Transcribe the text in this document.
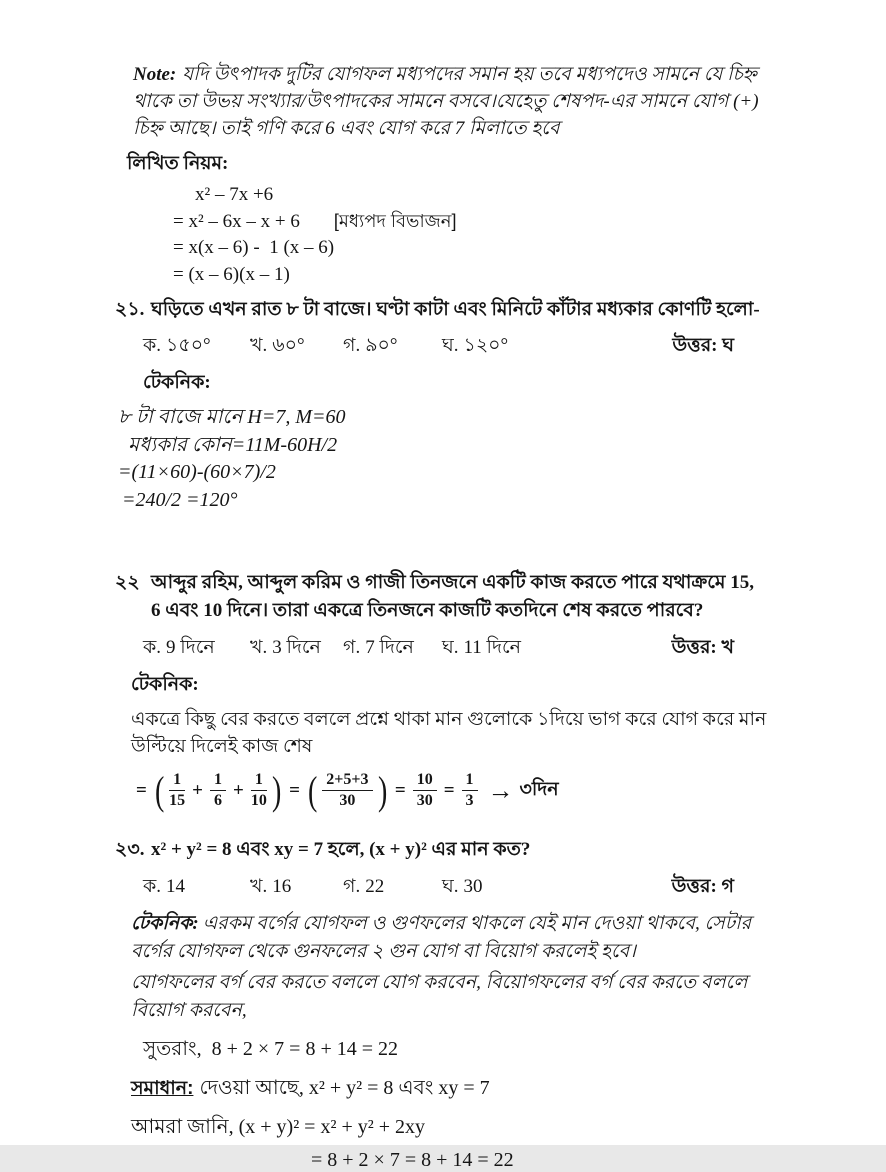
Note: যদি উৎপাদক দুটির যোগফল মধ্যপদের সমান হয় তবে মধ্যপদেও সামনে যে চিহ্ন থাকে তা উভয় সংখ্যার/উৎপাদকের সামনে বসবে।যেহেতু শেষপদ-এর সামনে যোগ (+) চিহ্ন আছে। তাই গণি করে 6 এবং যোগ করে 7 মিলাতে হবে

লিখিত নিয়ম:
x² – 7x +6
= x² – 6x – x + 6 [মধ্যপদ বিভাজন]
= x(x – 6) -  1 (x – 6)
= (x – 6)(x – 1)
২১. ঘড়িতে এখন রাত ৮ টা বাজে। ঘণ্টা কাটা এবং মিনিটে কাঁটার মধ্যকার কোণটি হলো-
ক. ১৫০°	খ. ৬০°	গ. ৯০°	ঘ. ১২০°	উত্তর: ঘ
টেকনিক:
৮ টা বাজে মানে H=7, M=60
মধ্যকার কোন=11M-60H/2
=(11×60)-(60×7)/2
=240/2 =120°
২২ আব্দুর রহিম, আব্দুল করিম ও গাজী তিনজনে একটি কাজ করতে পারে যথাক্রমে 15, 6 এবং 10 দিনে। তারা একত্রে তিনজনে কাজটি কতদিনে শেষ করতে পারবে?
ক. 9 দিনে	খ. 3 দিনে	গ. 7 দিনে	ঘ. 11 দিনে	উত্তর: খ
টেকনিক:
একত্রে কিছু বের করতে বললে প্রশ্নে থাকা মান গুলোকে ১দিয়ে ভাগ করে যোগ করে মান উল্টিয়ে দিলেই কাজ শেষ
= ( $\frac{1}{15} + \frac{1}{6} + \frac{1}{10}$ ) = ( $\frac{2+5+3}{30}$ ) = $\frac{10}{30} = \frac{1}{3}$ → ৩দিন
২৩. x² + y² = 8 এবং xy = 7 হলে, (x + y)² এর মান কত?
ক. 14	খ. 16	গ. 22	ঘ. 30	উত্তর: গ
টেকনিক: এরকম বর্গের যোগফল ও গুণফলের থাকলে যেই মান দেওয়া থাকবে, সেটার বর্গের যোগফল থেকে গুনফলের ২ গুন যোগ বা বিয়োগ করলেই হবে।
যোগফলের বর্গ বের করতে বললে যোগ করবেন, বিয়োগফলের বর্গ বের করতে বললে বিয়োগ করবেন,
সুতরাং,  8 + 2 × 7 = 8 + 14 = 22
সমাধান: দেওয়া আছে, x² + y² = 8 এবং xy = 7
আমরা জানি, (x + y)² = x² + y² + 2xy
= 8 + 2 × 7 = 8 + 14 = 22
